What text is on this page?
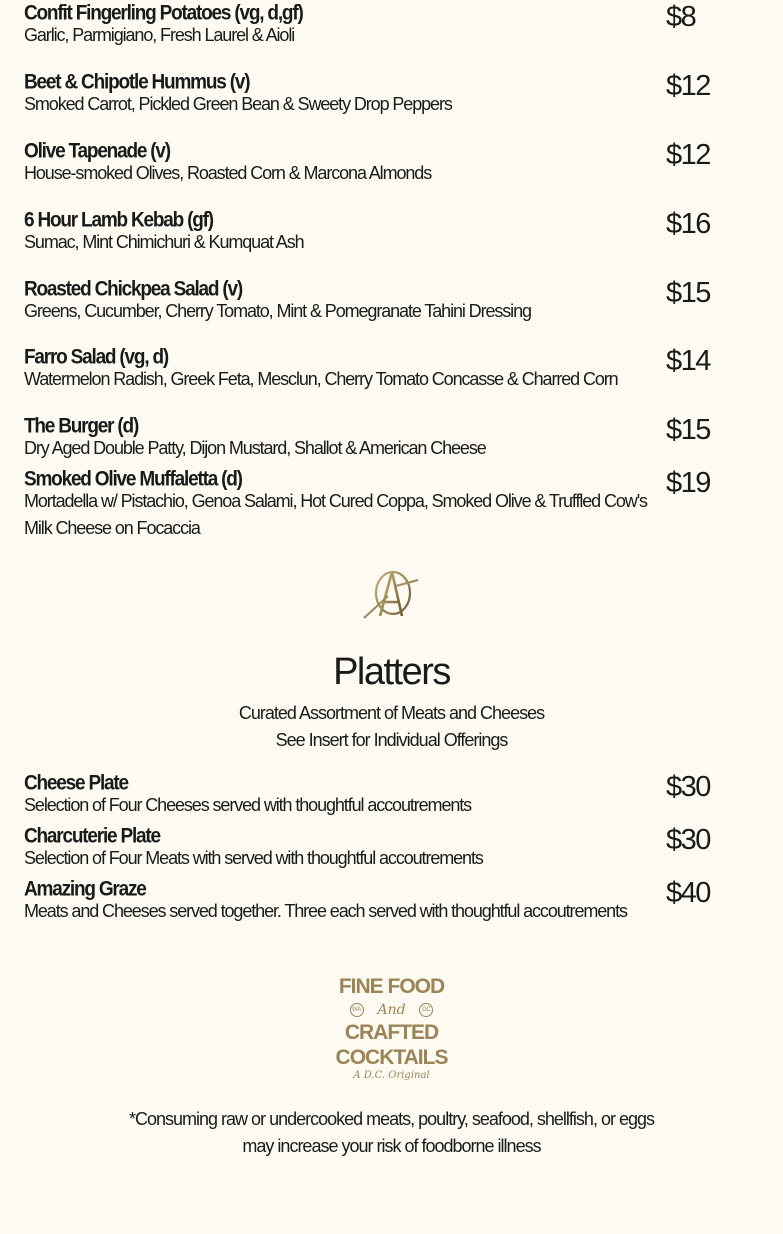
Confit Fingerling Potatoes (vg, d,gf)
Garlic, Parmigiano, Fresh Laurel & Aioli
$8
Beet & Chipotle Hummus (v)
Smoked Carrot, Pickled Green Bean & Sweety Drop Peppers
$12
Olive Tapenade (v)
House-smoked Olives, Roasted Corn & Marcona Almonds
$12
6 Hour Lamb Kebab (gf)
Sumac, Mint Chimichuri & Kumquat Ash
$16
Roasted Chickpea Salad (v)
Greens, Cucumber, Cherry Tomato, Mint & Pomegranate Tahini Dressing
$15
Farro Salad (vg, d)
Watermelon Radish, Greek Feta, Mesclun, Cherry Tomato Concasse & Charred Corn
$14
The Burger (d)
Dry Aged Double Patty, Dijon Mustard, Shallot & American Cheese
$15
Smoked Olive Muffaletta (d)
Mortadella w/ Pistachio, Genoa Salami, Hot Cured Coppa, Smoked Olive & Truffled Cow's Milk Cheese on Focaccia
$19
Platters
Curated Assortment of Meats and Cheeses
See Insert for Individual Offerings
Cheese Plate
Selection of Four Cheeses served with thoughtful accoutrements
$30
Charcuterie Plate
Selection of Four Meats with served with thoughtful accoutrements
$30
Amazing Graze
Meats and Cheeses served together. Three each served with thoughtful accoutrements
$40
FINE FOOD
WA And	DC
CRAFTED
COCKTAILS
A D.C. Original
*Consuming raw or undercooked meats, poultry, seafood, shellfish, or eggs
may increase your risk of foodborne illness
